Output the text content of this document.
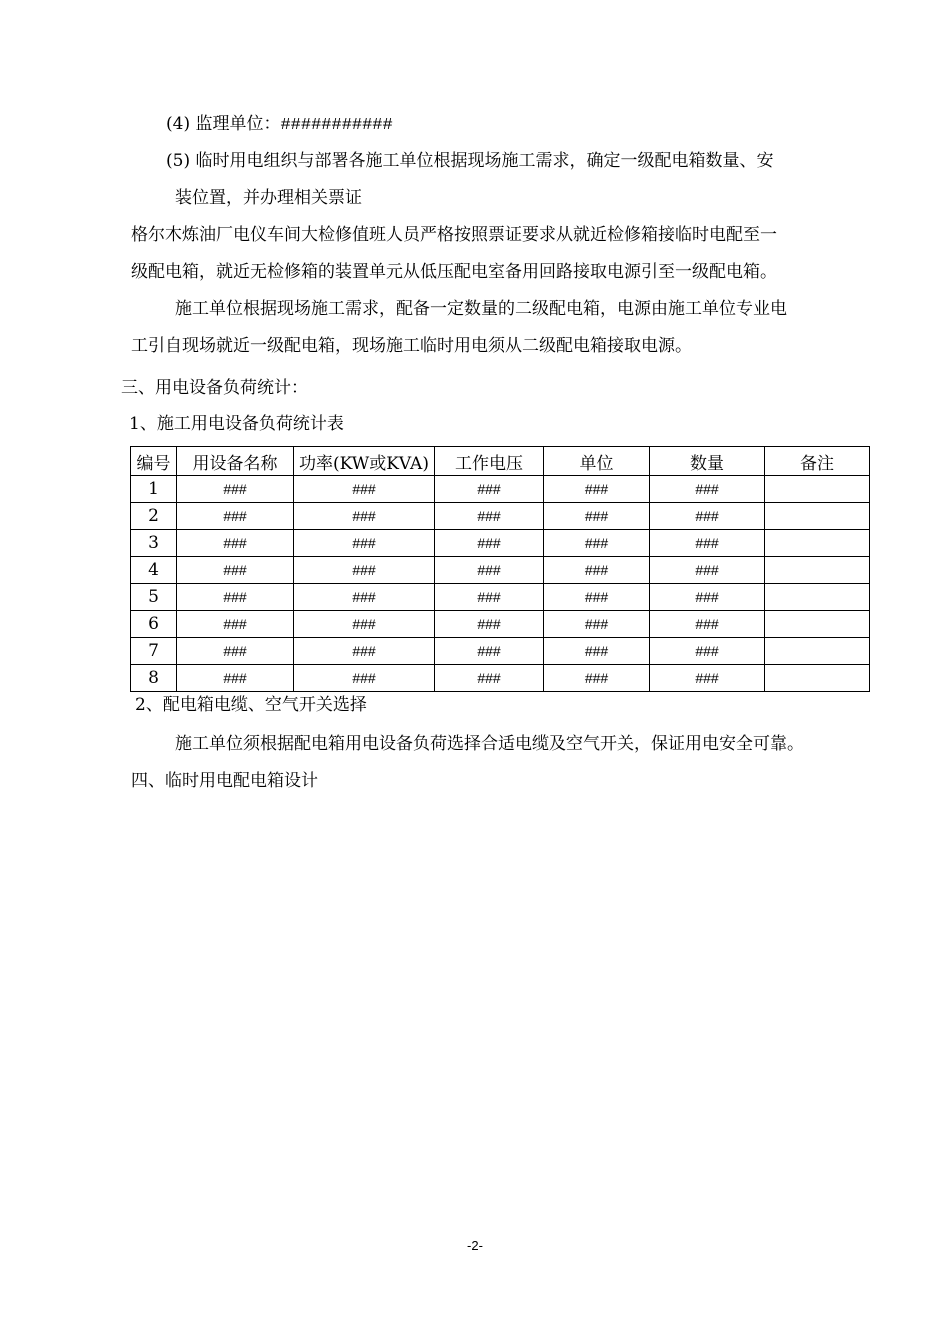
(4) 监理单位：###########
(5) 临时用电组织与部署各施工单位根据现场施工需求，确定一级配电箱数量、安
装位置，并办理相关票证
格尔木炼油厂电仪车间大检修值班人员严格按照票证要求从就近检修箱接临时电配至一
级配电箱，就近无检修箱的装置单元从低压配电室备用回路接取电源引至一级配电箱。
施工单位根据现场施工需求，配备一定数量的二级配电箱，电源由施工单位专业电
工引自现场就近一级配电箱，现场施工临时用电须从二级配电箱接取电源。
三、用电设备负荷统计：
1、施工用电设备负荷统计表
编号	用设备名称	功率(KW或KVA)	工作电压	单位	数量	备注
1	###	###	###	###	###	
2	###	###	###	###	###	
3	###	###	###	###	###	
4	###	###	###	###	###	
5	###	###	###	###	###	
6	###	###	###	###	###	
7	###	###	###	###	###	
8	###	###	###	###	###	
2、配电箱电缆、空气开关选择
施工单位须根据配电箱用电设备负荷选择合适电缆及空气开关，保证用电安全可靠。
四、临时用电配电箱设计
-2-
